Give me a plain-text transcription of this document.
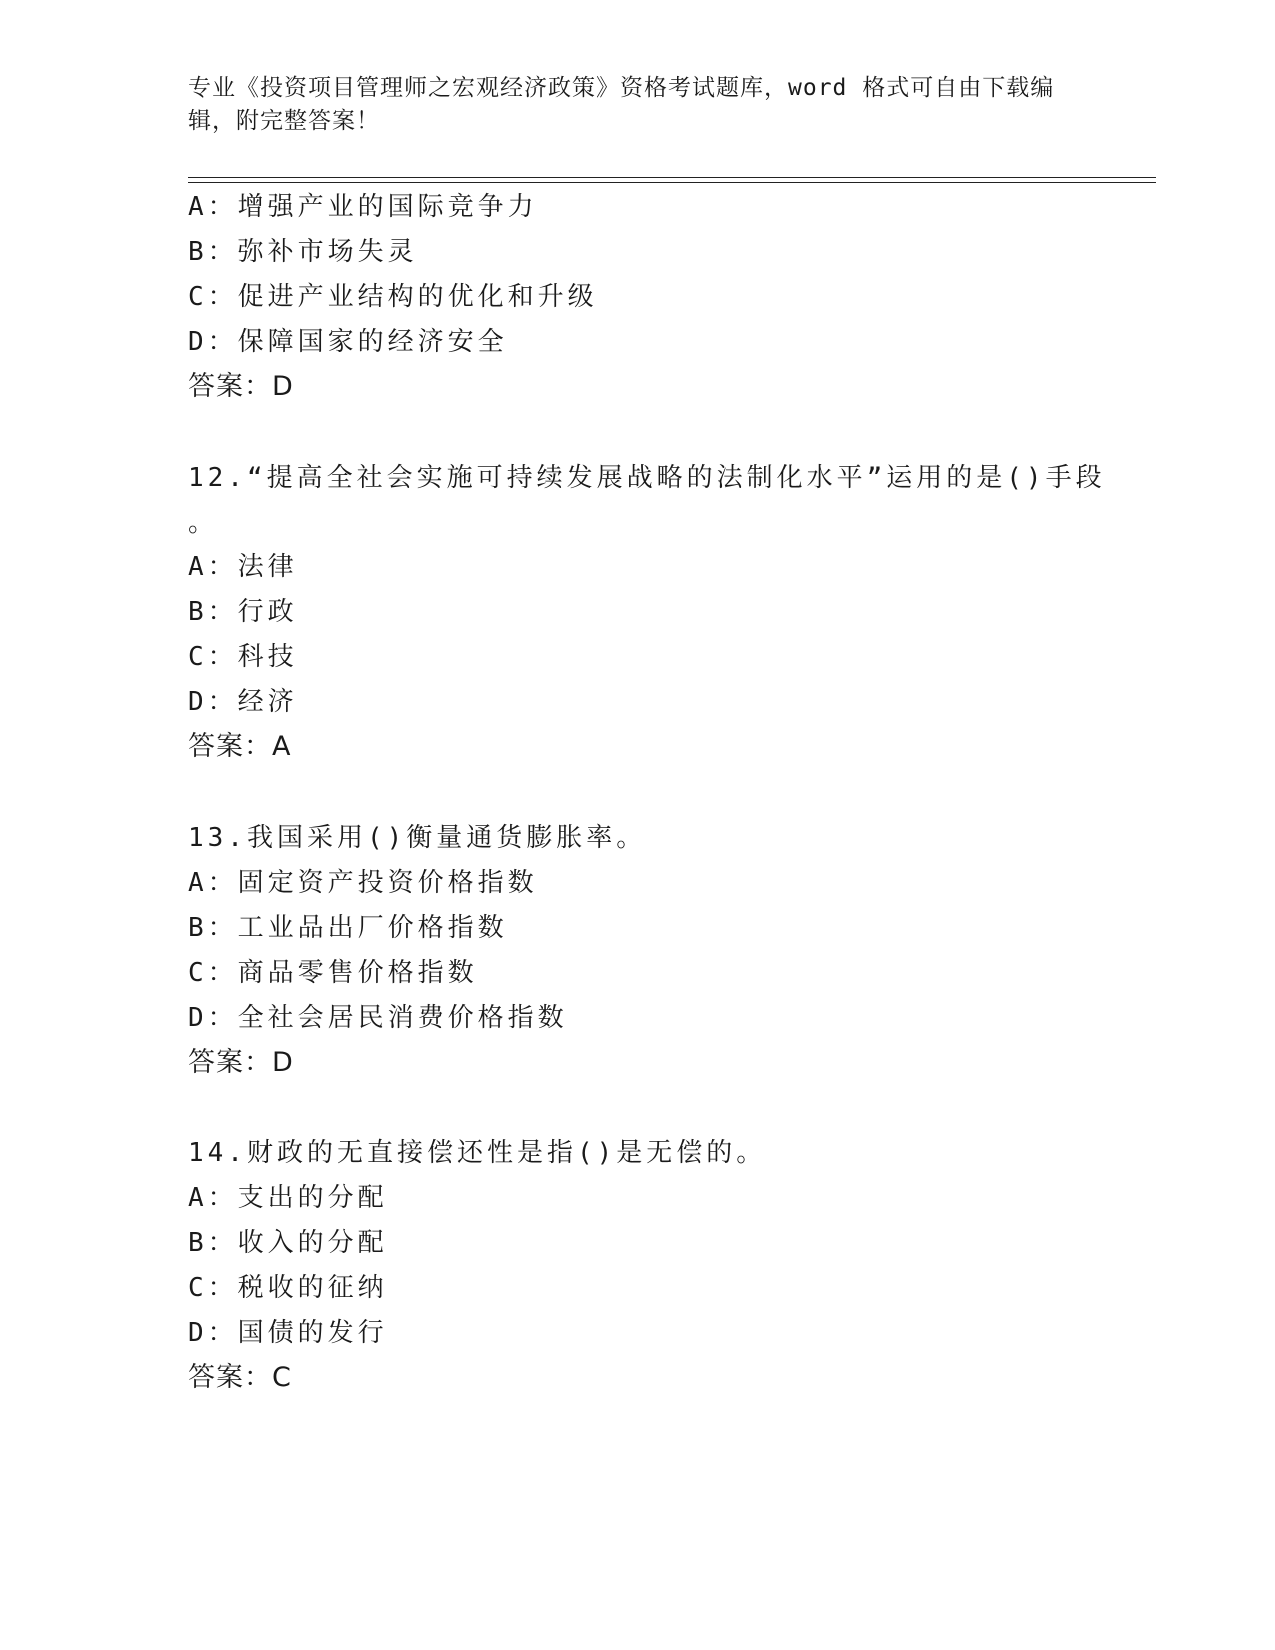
专业《投资项目管理师之宏观经济政策》资格考试题库，word 格式可自由下载编
辑，附完整答案！
A：增强产业的国际竞争力
B：弥补市场失灵
C：促进产业结构的优化和升级
D：保障国家的经济安全
答案：D
12.“提高全社会实施可持续发展战略的法制化水平”运用的是()手段
。
A：法律
B：行政
C：科技
D：经济
答案：A
13.我国采用()衡量通货膨胀率。
A：固定资产投资价格指数
B：工业品出厂价格指数
C：商品零售价格指数
D：全社会居民消费价格指数
答案：D
14.财政的无直接偿还性是指()是无偿的。
A：支出的分配
B：收入的分配
C：税收的征纳
D：国债的发行
答案：C
